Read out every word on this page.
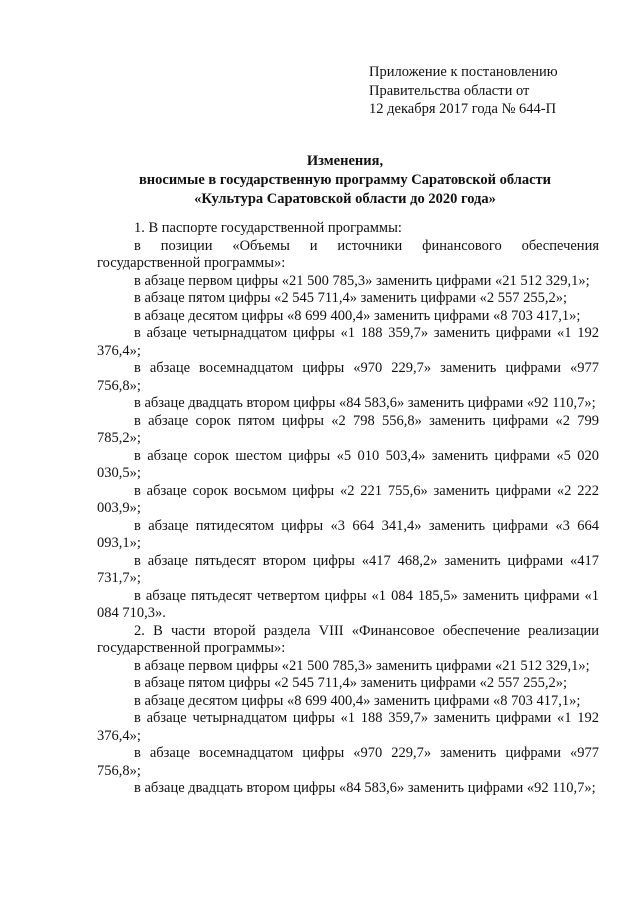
Приложение к постановлению
Правительства области от
12 декабря 2017 года № 644-П
Изменения,
вносимые в государственную программу Саратовской области
«Культура Саратовской области до 2020 года»

1. В паспорте государственной программы:

в позиции «Объемы и источники финансового обеспечения государственной программы»:

в абзаце первом цифры «21 500 785,3» заменить цифрами «21 512 329,1»;

в абзаце пятом цифры «2 545 711,4» заменить цифрами «2 557 255,2»;

в абзаце десятом цифры «8 699 400,4» заменить цифрами «8 703 417,1»;

в абзаце четырнадцатом цифры «1 188 359,7» заменить цифрами «1 192 376,4»;

в абзаце восемнадцатом цифры «970 229,7» заменить цифрами «977 756,8»;

в абзаце двадцать втором цифры «84 583,6» заменить цифрами «92 110,7»;

в абзаце сорок пятом цифры «2 798 556,8» заменить цифрами «2 799 785,2»;

в абзаце сорок шестом цифры «5 010 503,4» заменить цифрами «5 020 030,5»;

в абзаце сорок восьмом цифры «2 221 755,6» заменить цифрами «2 222 003,9»;

в абзаце пятидесятом цифры «3 664 341,4» заменить цифрами «3 664 093,1»;

в абзаце пятьдесят втором цифры «417 468,2» заменить цифрами «417 731,7»;

в абзаце пятьдесят четвертом цифры «1 084 185,5» заменить цифрами «1 084 710,3».

2. В части второй раздела VIII «Финансовое обеспечение реализации государственной программы»:

в абзаце первом цифры «21 500 785,3» заменить цифрами «21 512 329,1»;

в абзаце пятом цифры «2 545 711,4» заменить цифрами «2 557 255,2»;

в абзаце десятом цифры «8 699 400,4» заменить цифрами «8 703 417,1»;

в абзаце четырнадцатом цифры «1 188 359,7» заменить цифрами «1 192 376,4»;

в абзаце восемнадцатом цифры «970 229,7» заменить цифрами «977 756,8»;

в абзаце двадцать втором цифры «84 583,6» заменить цифрами «92 110,7»;
